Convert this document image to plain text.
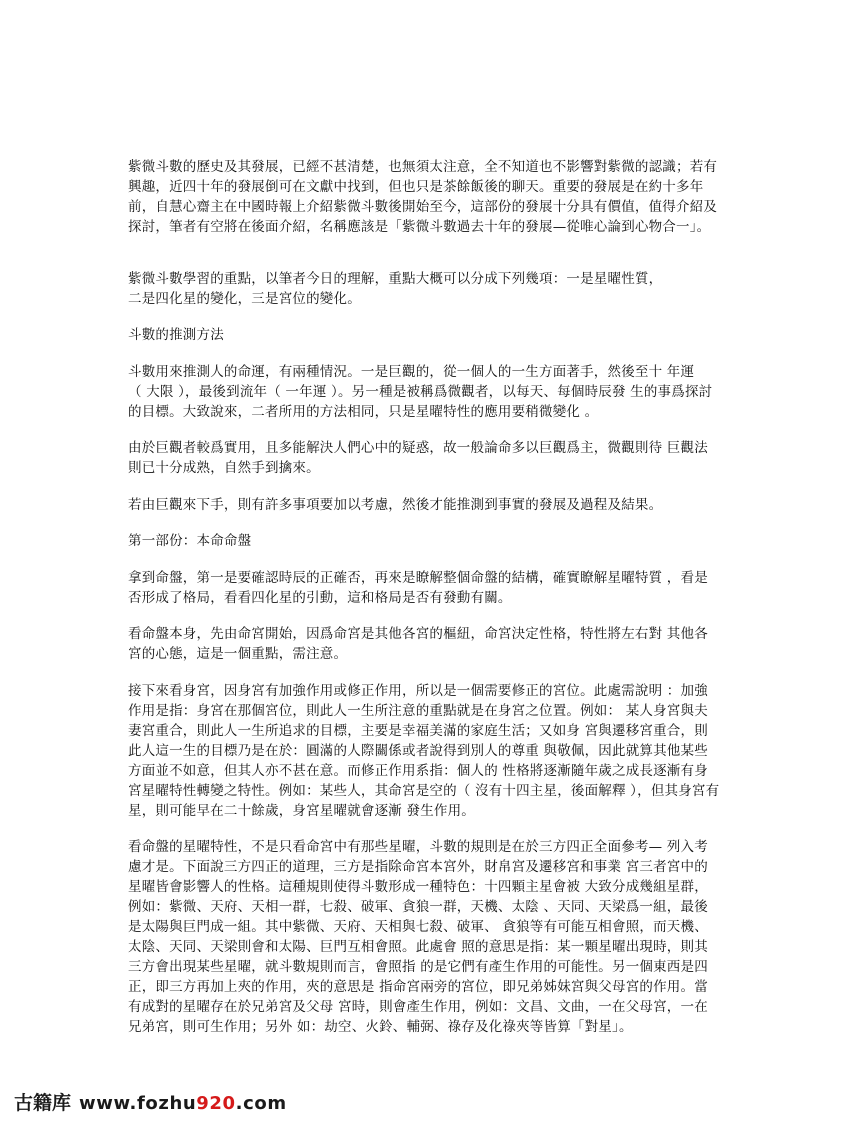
紫微斗數的歷史及其發展，已經不甚清楚，也無須太注意，全不知道也不影響對紫微的認識；若有
興趣，近四十年的發展倒可在文獻中找到，但也只是茶餘飯後的聊天。重要的發展是在約十多年
前，自慧心齋主在中國時報上介紹紫微斗數後開始至今，這部份的發展十分具有價值，值得介紹及
探討，筆者有空將在後面介紹，名稱應該是「紫微斗數過去十年的發展—從唯心論到心物合一」。

紫微斗數學習的重點，以筆者今日的理解，重點大概可以分成下列幾項：一是星曜性質，
二是四化星的變化，三是宮位的變化。

斗數的推測方法

斗數用來推測人的命運，有兩種情況。一是巨觀的，從一個人的一生方面著手，然後至十 年運
（ 大限 ），最後到流年（ 一年運 ）。另一種是被稱爲微觀者，以每天、每個時辰發 生的事爲探討
的目標。大致說來，二者所用的方法相同，只是星曜特性的應用要稍微變化 。

由於巨觀者較爲實用，且多能解決人們心中的疑惑，故一般論命多以巨觀爲主，微觀則待 巨觀法
則已十分成熟，自然手到擒來。

若由巨觀來下手，則有許多事項要加以考慮，然後才能推測到事實的發展及過程及結果。

第一部份：本命命盤

拿到命盤，第一是要確認時辰的正確否，再來是瞭解整個命盤的結構，確實瞭解星曜特質 ，看是
否形成了格局，看看四化星的引動，這和格局是否有發動有關。

看命盤本身，先由命宮開始，因爲命宮是其他各宮的樞紐，命宮決定性格，特性將左右對 其他各
宮的心態，這是一個重點，需注意。

接下來看身宮，因身宮有加強作用或修正作用，所以是一個需要修正的宮位。此處需說明 ：加強
作用是指：身宮在那個宮位，則此人一生所注意的重點就是在身宮之位置。例如： 某人身宮與夫
妻宮重合，則此人一生所追求的目標，主要是幸福美滿的家庭生活；又如身 宮與遷移宮重合，則
此人這一生的目標乃是在於：圓滿的人際關係或者說得到別人的尊重 與敬佩，因此就算其他某些
方面並不如意，但其人亦不甚在意。而修正作用系指：個人的 性格將逐漸隨年歲之成長逐漸有身
宮星曜特性轉變之特性。例如：某些人，其命宮是空的（ 沒有十四主星，後面解釋 ），但其身宮有
星，則可能早在二十餘歲，身宮星曜就會逐漸 發生作用。

看命盤的星曜特性，不是只看命宮中有那些星曜，斗數的規則是在於三方四正全面參考— 列入考
慮才是。下面說三方四正的道理，三方是指除命宮本宮外，財帛宮及遷移宮和事業 宮三者宮中的
星曜皆會影響人的性格。這種規則使得斗數形成一種特色：十四顆主星會被 大致分成幾組星群，
例如：紫微、天府、天相一群，七殺、破軍、貪狼一群，天機、太陰 、天同、天梁爲一組，最後
是太陽與巨門成一組。其中紫微、天府、天相與七殺、破軍、 貪狼等有可能互相會照，而天機、
太陰、天同、天梁則會和太陽、巨門互相會照。此處會 照的意思是指：某一顆星曜出現時，則其
三方會出現某些星曜，就斗數規則而言，會照指 的是它們有產生作用的可能性。另一個東西是四
正，即三方再加上夾的作用，夾的意思是 指命宮兩旁的宮位，即兄弟姊妹宮與父母宮的作用。當
有成對的星曜存在於兄弟宮及父母 宮時，則會產生作用，例如：文昌、文曲，一在父母宮，一在
兄弟宮，則可生作用；另外 如：劫空、火鈴、輔弼、祿存及化祿夾等皆算「對星」。

古籍库 www.fozhu920.com
